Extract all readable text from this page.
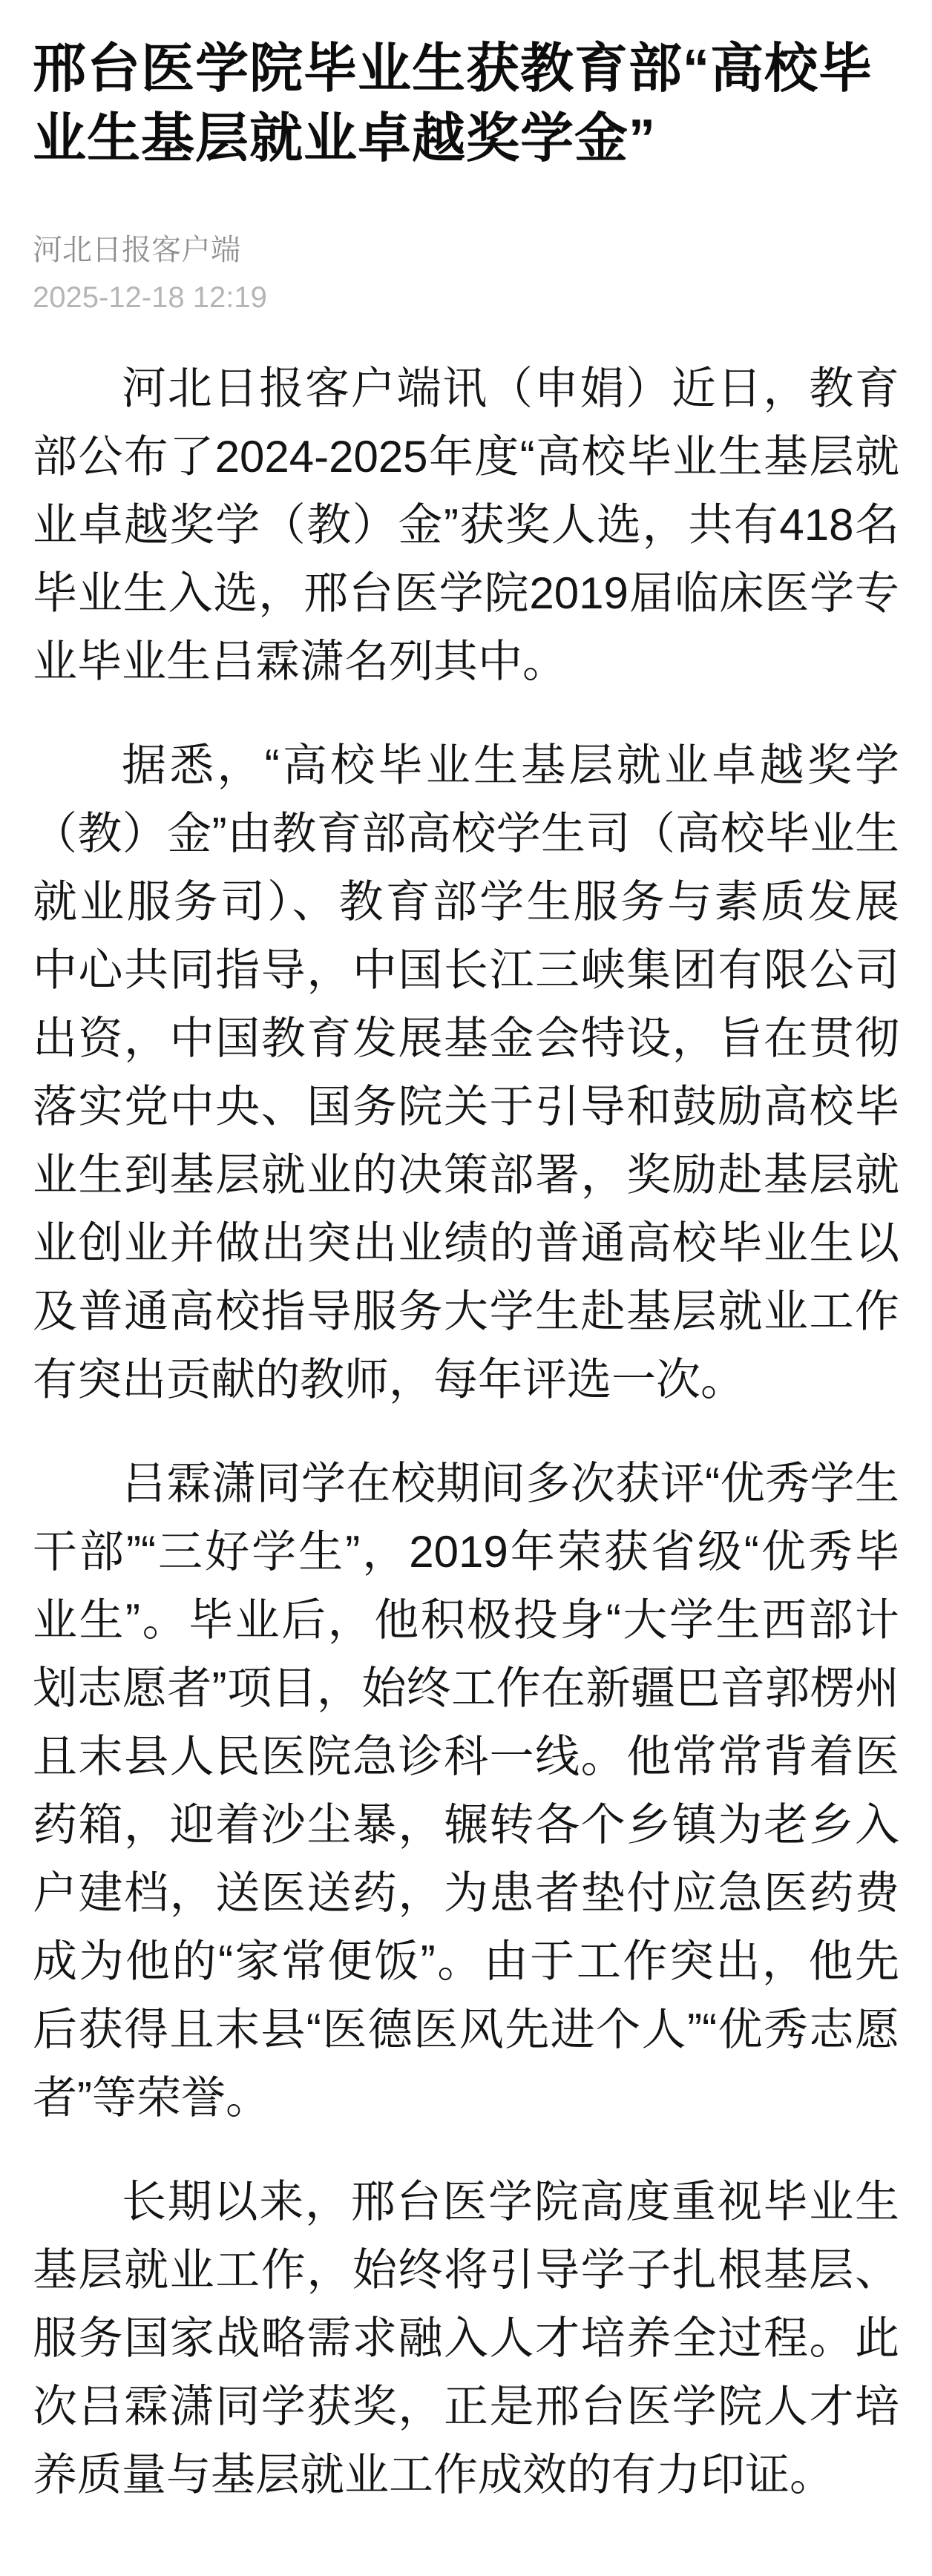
邢台医学院毕业生获教育部“高校毕业生基层就业卓越奖学金”
河北日报客户端
2025-12-18 12:19

河北日报客户端讯（申娟）近日，教育部公布了2024-2025年度“高校毕业生基层就业卓越奖学（教）金”获奖人选，共有418名毕业生入选，邢台医学院2019届临床医学专业毕业生吕霖潇名列其中。

据悉，“高校毕业生基层就业卓越奖学（教）金”由教育部高校学生司（高校毕业生就业服务司）、教育部学生服务与素质发展中心共同指导，中国长江三峡集团有限公司出资，中国教育发展基金会特设，旨在贯彻落实党中央、国务院关于引导和鼓励高校毕业生到基层就业的决策部署，奖励赴基层就业创业并做出突出业绩的普通高校毕业生以及普通高校指导服务大学生赴基层就业工作有突出贡献的教师，每年评选一次。

吕霖潇同学在校期间多次获评“优秀学生干部”“三好学生”，2019年荣获省级“优秀毕业生”。毕业后，他积极投身“大学生西部计划志愿者”项目，始终工作在新疆巴音郭楞州且末县人民医院急诊科一线。他常常背着医药箱，迎着沙尘暴，辗转各个乡镇为老乡入户建档，送医送药，为患者垫付应急医药费成为他的“家常便饭”。由于工作突出，他先后获得且末县“医德医风先进个人”“优秀志愿者”等荣誉。

长期以来，邢台医学院高度重视毕业生基层就业工作，始终将引导学子扎根基层、服务国家战略需求融入人才培养全过程。此次吕霖潇同学获奖，正是邢台医学院人才培养质量与基层就业工作成效的有力印证。
